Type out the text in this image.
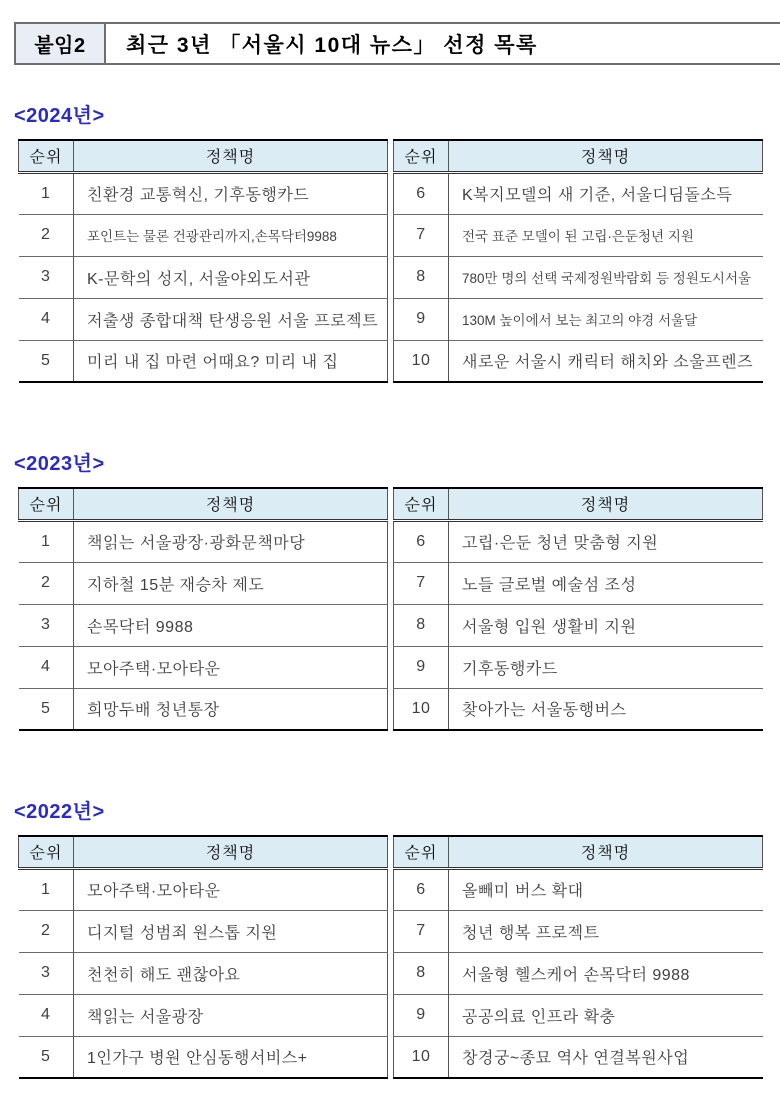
붙임2	최근 3년 「서울시 10대 뉴스」 선정 목록
<2024년>
순위	정책명
1	친환경 교통혁신, 기후동행카드
2	포인트는 물론 건광관리까지,손목닥터9988
3	K-문학의 성지, 서울야외도서관
4	저출생 종합대책 탄생응원 서울 프로젝트
5	미리 내 집 마련 어때요? 미리 내 집
순위	정책명
6	K복지모델의 새 기준, 서울디딤돌소득
7	전국 표준 모델이 된 고립·은둔청년 지원
8	780만 명의 선택 국제정원박람회 등 정원도시서울
9	130M 높이에서 보는 최고의 야경 서울달
10	새로운 서울시 캐릭터 해치와 소울프렌즈
<2023년>
순위	정책명
1	책읽는 서울광장·광화문책마당
2	지하철 15분 재승차 제도
3	손목닥터 9988
4	모아주택·모아타운
5	희망두배 청년통장
순위	정책명
6	고립·은둔 청년 맞춤형 지원
7	노들 글로벌 예술섬 조성
8	서울형 입원 생활비 지원
9	기후동행카드
10	찾아가는 서울동행버스
<2022년>
순위	정책명
1	모아주택·모아타운
2	디지털 성범죄 원스톱 지원
3	천천히 해도 괜찮아요
4	책읽는 서울광장
5	1인가구 병원 안심동행서비스+
순위	정책명
6	올빼미 버스 확대
7	청년 행복 프로젝트
8	서울형 헬스케어 손목닥터 9988
9	공공의료 인프라 확충
10	창경궁~종묘 역사 연결복원사업
